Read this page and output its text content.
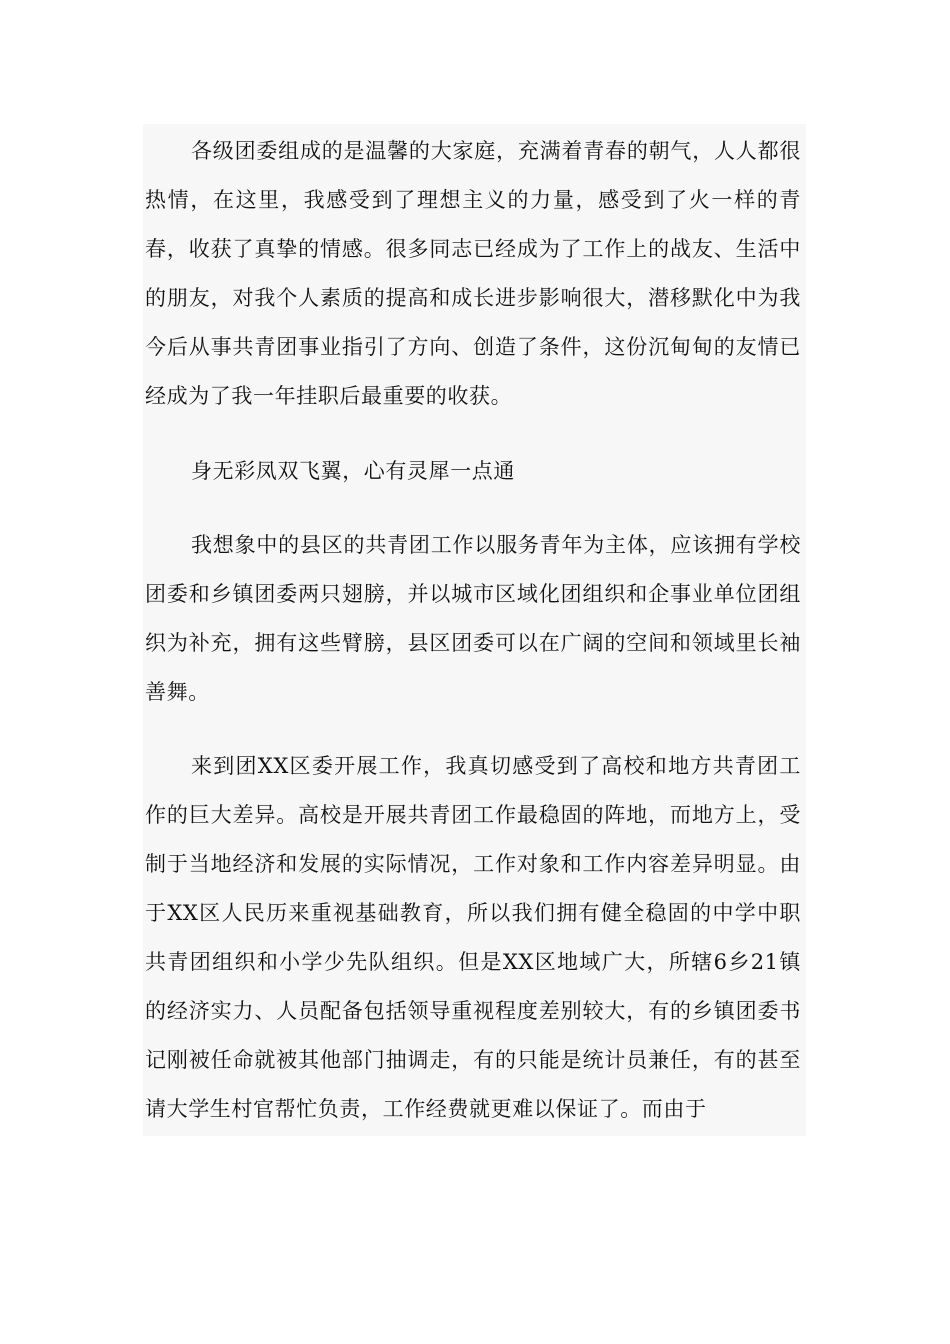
各级团委组成的是温馨的大家庭，充满着青春的朝气，人人都很热情，在这里，我感受到了理想主义的力量，感受到了火一样的青春，收获了真挚的情感。很多同志已经成为了工作上的战友、生活中的朋友，对我个人素质的提高和成长进步影响很大，潜移默化中为我今后从事共青团事业指引了方向、创造了条件，这份沉甸甸的友情已经成为了我一年挂职后最重要的收获。

身无彩凤双飞翼，心有灵犀一点通

我想象中的县区的共青团工作以服务青年为主体，应该拥有学校团委和乡镇团委两只翅膀，并以城市区域化团组织和企事业单位团组织为补充，拥有这些臂膀，县区团委可以在广阔的空间和领域里长袖善舞。

来到团XX区委开展工作，我真切感受到了高校和地方共青团工作的巨大差异。高校是开展共青团工作最稳固的阵地，而地方上，受制于当地经济和发展的实际情况，工作对象和工作内容差异明显。由于XX区人民历来重视基础教育，所以我们拥有健全稳固的中学中职共青团组织和小学少先队组织。但是XX区地域广大，所辖6乡21镇的经济实力、人员配备包括领导重视程度差别较大，有的乡镇团委书记刚被任命就被其他部门抽调走，有的只能是统计员兼任，有的甚至请大学生村官帮忙负责，工作经费就更难以保证了。而由于
